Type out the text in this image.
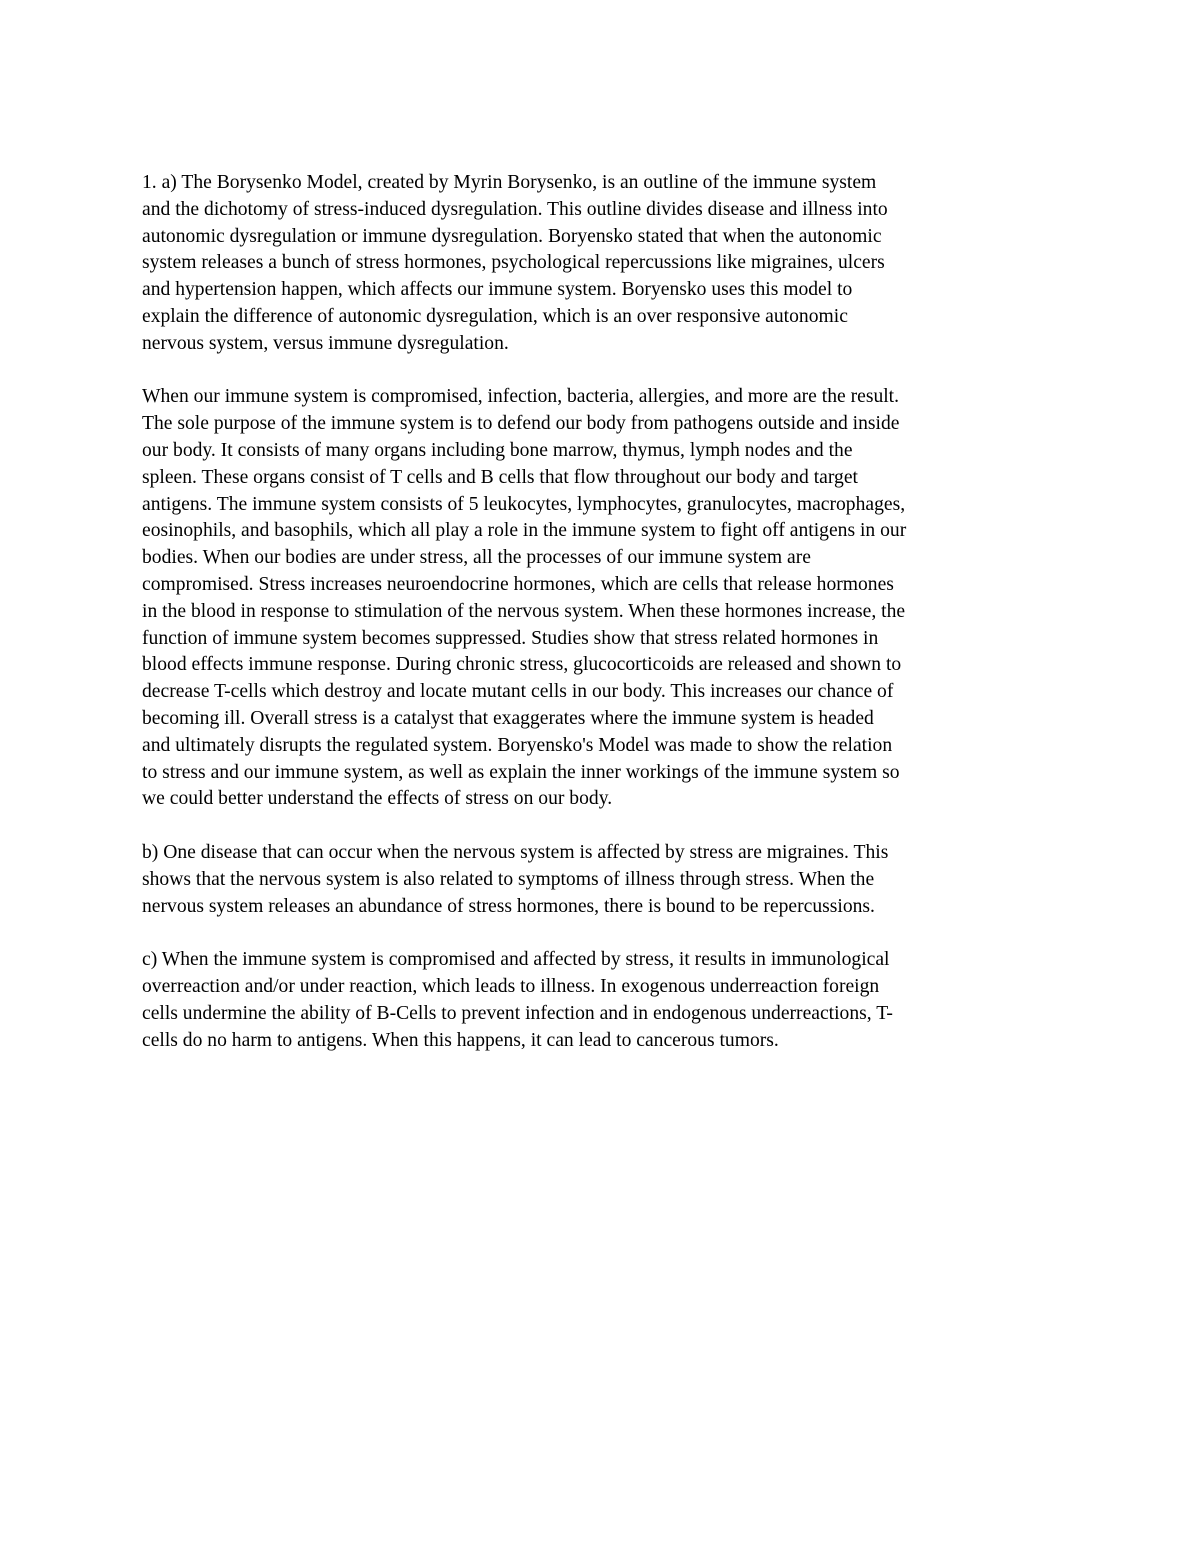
1. a) The Borysenko Model, created by Myrin Borysenko, is an outline of the immune system
and the dichotomy of stress-induced dysregulation. This outline divides disease and illness into
autonomic dysregulation or immune dysregulation. Boryensko stated that when the autonomic
system releases a bunch of stress hormones, psychological repercussions like migraines, ulcers
and hypertension happen, which affects our immune system. Boryensko uses this model to
explain the difference of autonomic dysregulation, which is an over responsive autonomic
nervous system, versus immune dysregulation.

When our immune system is compromised, infection, bacteria, allergies, and more are the result.
The sole purpose of the immune system is to defend our body from pathogens outside and inside
our body. It consists of many organs including bone marrow, thymus, lymph nodes and the
spleen. These organs consist of T cells and B cells that flow throughout our body and target
antigens. The immune system consists of 5 leukocytes, lymphocytes, granulocytes, macrophages,
eosinophils, and basophils, which all play a role in the immune system to fight off antigens in our
bodies. When our bodies are under stress, all the processes of our immune system are
compromised. Stress increases neuroendocrine hormones, which are cells that release hormones
in the blood in response to stimulation of the nervous system. When these hormones increase, the
function of immune system becomes suppressed. Studies show that stress related hormones in
blood effects immune response. During chronic stress, glucocorticoids are released and shown to
decrease T-cells which destroy and locate mutant cells in our body. This increases our chance of
becoming ill. Overall stress is a catalyst that exaggerates where the immune system is headed
and ultimately disrupts the regulated system. Boryensko's Model was made to show the relation
to stress and our immune system, as well as explain the inner workings of the immune system so
we could better understand the effects of stress on our body.

b) One disease that can occur when the nervous system is affected by stress are migraines. This
shows that the nervous system is also related to symptoms of illness through stress. When the
nervous system releases an abundance of stress hormones, there is bound to be repercussions.

c) When the immune system is compromised and affected by stress, it results in immunological
overreaction and/or under reaction, which leads to illness. In exogenous underreaction foreign
cells undermine the ability of B-Cells to prevent infection and in endogenous underreactions, T-
cells do no harm to antigens. When this happens, it can lead to cancerous tumors.
